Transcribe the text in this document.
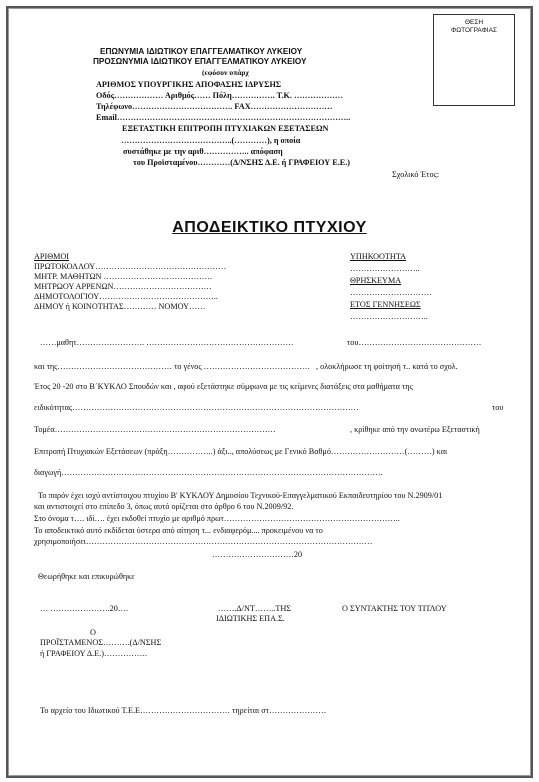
ΘΕΣΗ
ΦΩΤΟΓΡΑΦΙΑΣ
ΕΠΩΝΥΜΙΑ ΙΔΙΩΤΙΚΟΥ ΕΠΑΓΓΕΛΜΑΤΙΚΟΥ ΛΥΚΕΙΟΥ
ΠΡΟΣΩΝΥΜΙΑ ΙΔΙΩΤΙΚΟΥ ΕΠΑΓΓΕΛΜΑΤΙΚΟΥ ΛΥΚΕΙΟΥ
(εφόσον υπάρχ
ΑΡΙΘΜΟΣ ΥΠΟΥΡΓΙΚΗΣ ΑΠΟΦΑΣΗΣ ΙΔΡΥΣΗΣ
Οδός……………… Αριθμός…… Πόλη……………. Τ.Κ. ………………
Τηλέφωνο………………………………. FAX…………………………
Email…………………………………………………………………………..
ΕΞΕΤΑΣΤΙΚΗ ΕΠΙΤΡΟΠΗ ΠΤΥΧΙΑΚΩΝ ΕΞΕΤΑΣΕΩΝ
…………………………………..(…………), η οποία
συστάθηκε με την αριθ…………….. απόφαση
του Προϊσταμένου…………(Δ/ΝΣΗΣ Δ.Ε. ή ΓΡΑΦΕΙΟΥ Ε.Ε.)
Σχολικό Έτος:
ΑΠΟΔΕΙΚΤΙΚΟ ΠΤΥΧΙΟΥ
ΑΡΙΘΜΟΙ
ΠΡΩΤΟΚΟΛΛΟΥ…………………………………………
ΜΗΤΡ. ΜΑΘΗΤΩΝ ………………………………….
ΜΗΤΡΩΟΥ ΑΡΡΕΝΩΝ………………………………
ΔΗΜΟΤΟΛΟΓΙΟΥ……………………………………..
ΔΗΜΟΥ ή ΚΟΙΝΟΤΗΤΑΣ………… ΝΟΜΟΥ……
ΥΠΗΚΟΟΤΗΤΑ
……………………..
ΘΡΗΣΚΕΥΜΑ
…………………………
ΕΤΟΣ ΓΕΝΝΗΣΕΩΣ
………………………..
……μαθητ……………………. ………………………………………………	του………………………………………
και της…………………………………… το γένος ………………………………… , ολοκλήρωσε τη φοίτησή τ.. κατά το σχολ.
Έτος 20 -20 στο Β΄ΚΥΚΛΟ Σπουδών και , αφού εξετάστηκε σύμφωνα με τις κείμενες διατάξεις στα μαθήματα της
ειδικότητας……………………………………………………………………………………………	του
Τομέα………………………………………………………………………	, κρίθηκε από την ανωτέρω Εξεταστική
Επιτροπή Πτυχιακών Εξετάσεων (πράξη……………..) άξι.., απολύσεως με Γενικό Βαθμό………………………(………) και
διαγωγή……………………………………………………………………………………………………….
Το παρόν έχει ισχύ αντίστοιχου πτυχίου Β' ΚΥΚΛΟΥ Δημοσίου Τεχνικού-Επαγγελματικού Εκπαιδευτηρίου του Ν.2909/01
και αντιστοιχεί στο επίπεδο 3, όπως αυτό ορίζεται στο άρθρο 6 του Ν.2009/92.
Στο όνομα τ…. ιδί…. έχει εκδοθεί πτυχίο με αριθμό πρωτ………………………………………………………..
Το αποδεικτικό αυτό εκδίδεται ύστερα από αίτηση τ... ενδιαφερόμ.... προκειμένου να το
χρησιμοποιήσει……………………………………………………………………………………………
…………………………20
Θεωρήθηκε και επικυρώθηκε
… ………………….20….	…….Δ/ΝΤ……..ΤΗΣ
ΙΔΙΩΤΙΚΗΣ ΕΠΑ.Σ.
Ο ΣΥΝΤΑΚΤΗΣ ΤΟΥ ΤΙΤΛΟΥ
Ο
ΠΡΟΪΣΤΑΜΕΝΟΣ……….(Δ/ΝΣΗΣ
ή ΓΡΑΦΕΙΟΥ Δ.Ε.)…………….
Το αρχείο του Ιδιωτικού Τ.Ε.Ε…………………………… τηρείται στ…………………
